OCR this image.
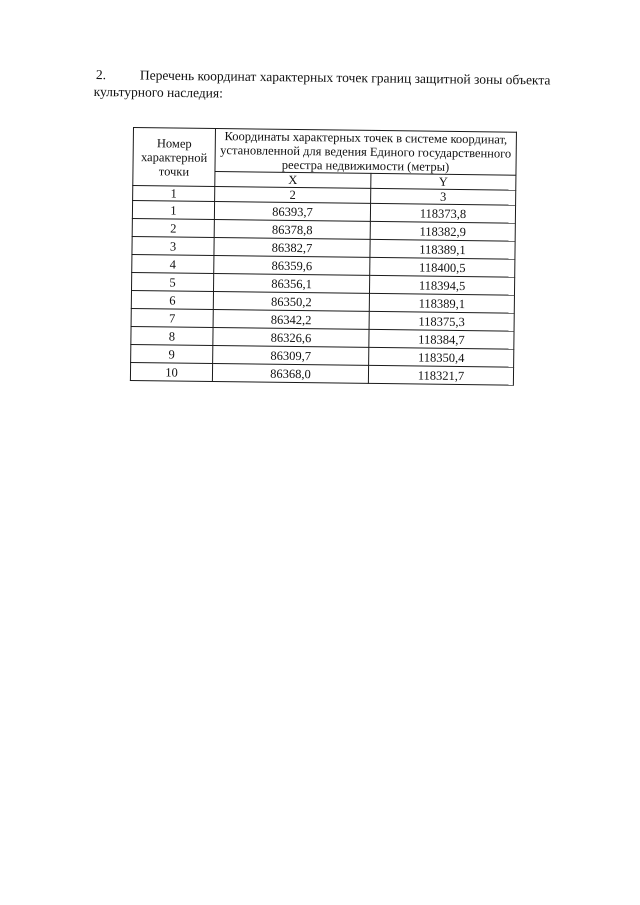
2. Перечень координат характерных точек границ защитной зоны объекта
культурного наследия:
Номер характерной точки	Координаты характерных точек в системе координат, установленной для ведения Единого государственного реестра недвижимости (метры)	
	X	Y
1	2	3
1	86393,7	118373,8
2	86378,8	118382,9
3	86382,7	118389,1
4	86359,6	118400,5
5	86356,1	118394,5
6	86350,2	118389,1
7	86342,2	118375,3
8	86326,6	118384,7
9	86309,7	118350,4
10	86368,0	118321,7
